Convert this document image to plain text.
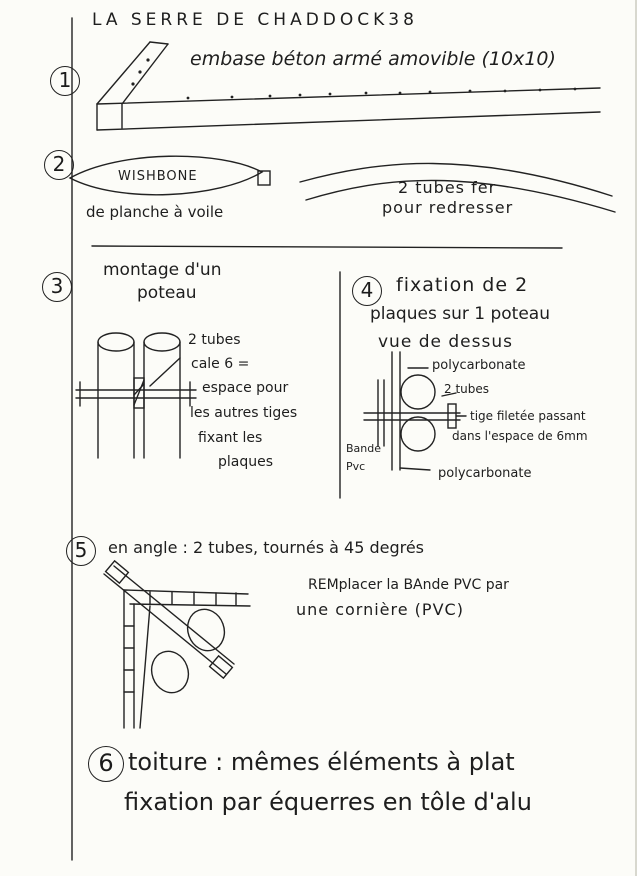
LA SERRE DE CHADDOCK38
1
embase béton armé amovible (10x10)
2
WISHBONE
de planche à voile
2 tubes fer
pour redresser
3
montage d'un
poteau
2 tubes
cale 6 =
espace pour
les autres tiges
fixant les
plaques
4	fixation de 2
plaques sur 1 poteau
vue de dessus
polycarbonate
2 tubes
tige filetée passant
dans l'espace de 6mm
Bande
Pvc	polycarbonate
5	en angle : 2 tubes, tournés à 45 degrés
REMplacer la BAnde PVC par
une cornière (PVC)
6 toiture : mêmes éléments à plat
fixation par équerres en tôle d'alu
